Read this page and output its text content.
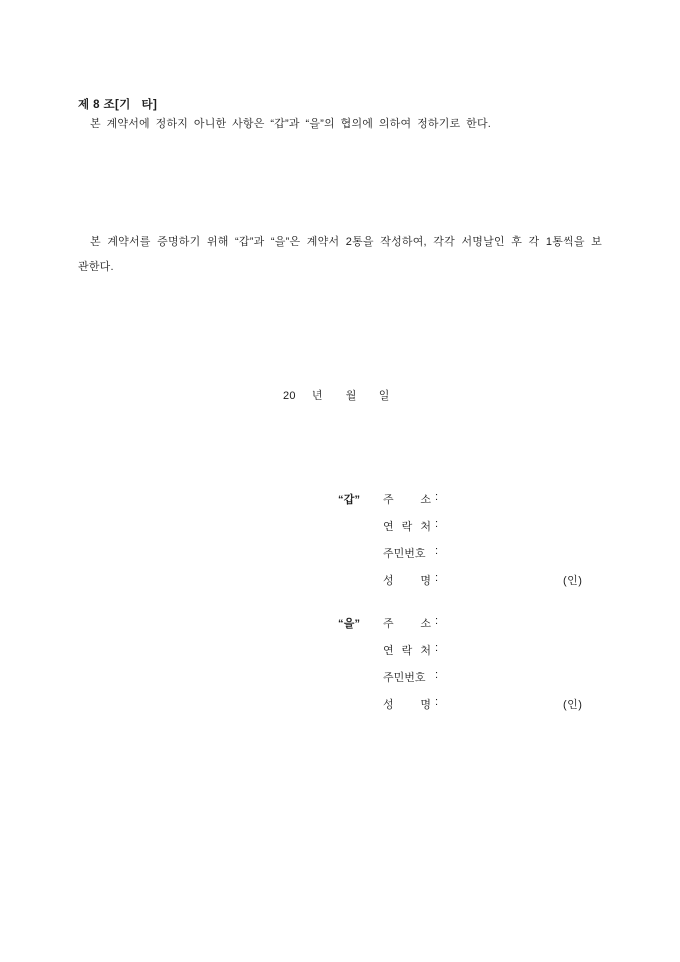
제 8 조[기   타]

본 계약서에 정하지 아니한 사항은 “갑”과 “을”의 협의에 의하여 정하기로 한다.

본 계약서를 증명하기 위해 “갑”과 “을”은 계약서 2통을 작성하여, 각각 서명날인 후 각 1통씩을 보관한다.

20 년 월 일
“갑” 주 소 :
연 락 처 :
주민번호 :
성 명 :	(인)
“을” 주 소 :
연 락 처 :
주민번호 :
성 명 :	(인)
